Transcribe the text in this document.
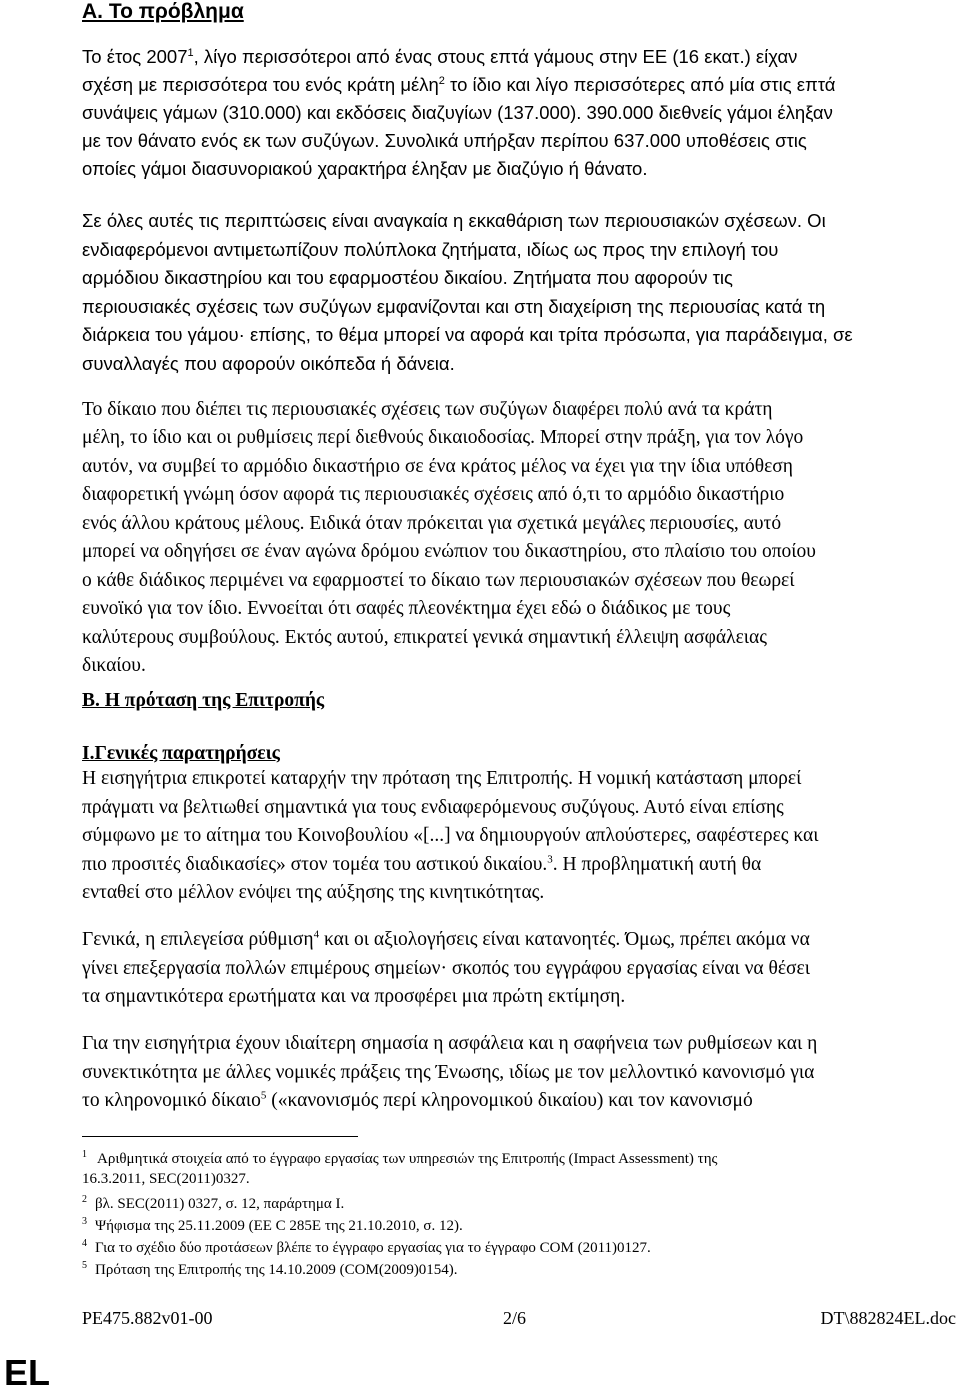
Α. Το πρόβλημα
Το έτος 2007$^1$, λίγο περισσότεροι από ένας στους επτά γάμους στην ΕΕ (16 εκατ.) είχαν
σχέση με περισσότερα του ενός κράτη μέλη$^2$ το ίδιο και λίγο περισσότερες από μία στις επτά
συνάψεις γάμων (310.000) και εκδόσεις διαζυγίων (137.000). 390.000 διεθνείς γάμοι έληξαν
με τον θάνατο ενός εκ των συζύγων. Συνολικά υπήρξαν περίπου 637.000 υποθέσεις στις
οποίες γάμοι διασυνοριακού χαρακτήρα έληξαν με διαζύγιο ή θάνατο.
Σε όλες αυτές τις περιπτώσεις είναι αναγκαία η εκκαθάριση των περιουσιακών σχέσεων. Οι
ενδιαφερόμενοι αντιμετωπίζουν πολύπλοκα ζητήματα, ιδίως ως προς την επιλογή του
αρμόδιου δικαστηρίου και του εφαρμοστέου δικαίου. Ζητήματα που αφορούν τις
περιουσιακές σχέσεις των συζύγων εμφανίζονται και στη διαχείριση της περιουσίας κατά τη
διάρκεια του γάμου· επίσης, το θέμα μπορεί να αφορά και τρίτα πρόσωπα, για παράδειγμα, σε
συναλλαγές που αφορούν οικόπεδα ή δάνεια.
Το δίκαιο που διέπει τις περιουσιακές σχέσεις των συζύγων διαφέρει πολύ ανά τα κράτη
μέλη, το ίδιο και οι ρυθμίσεις περί διεθνούς δικαιοδοσίας. Μπορεί στην πράξη, για τον λόγο
αυτόν, να συμβεί το αρμόδιο δικαστήριο σε ένα κράτος μέλος να έχει για την ίδια υπόθεση
διαφορετική γνώμη όσον αφορά τις περιουσιακές σχέσεις από ό,τι το αρμόδιο δικαστήριο
ενός άλλου κράτους μέλους. Ειδικά όταν πρόκειται για σχετικά μεγάλες περιουσίες, αυτό
μπορεί να οδηγήσει σε έναν αγώνα δρόμου ενώπιον του δικαστηρίου, στο πλαίσιο του οποίου
ο κάθε διάδικος περιμένει να εφαρμοστεί το δίκαιο των περιουσιακών σχέσεων που θεωρεί
ευνοϊκό για τον ίδιο. Εννοείται ότι σαφές πλεονέκτημα έχει εδώ ο διάδικος με τους
καλύτερους συμβούλους. Εκτός αυτού, επικρατεί γενικά σημαντική έλλειψη ασφάλειας
δικαίου.
Β. Η πρόταση της Επιτροπής
I.Γενικές παρατηρήσεις
Η εισηγήτρια επικροτεί καταρχήν την πρόταση της Επιτροπής. Η νομική κατάσταση μπορεί
πράγματι να βελτιωθεί σημαντικά για τους ενδιαφερόμενους συζύγους. Αυτό είναι επίσης
σύμφωνο με το αίτημα του Κοινοβουλίου «[...] να δημιουργούν απλούστερες, σαφέστερες και
πιο προσιτές διαδικασίες» στον τομέα του αστικού δικαίου.$^3$. Η προβληματική αυτή θα
ενταθεί στο μέλλον ενόψει της αύξησης της κινητικότητας.
Γενικά, η επιλεγείσα ρύθμιση$^4$ και οι αξιολογήσεις είναι κατανοητές. Όμως, πρέπει ακόμα να
γίνει επεξεργασία πολλών επιμέρους σημείων· σκοπός του εγγράφου εργασίας είναι να θέσει
τα σημαντικότερα ερωτήματα και να προσφέρει μια πρώτη εκτίμηση.
Για την εισηγήτρια έχουν ιδιαίτερη σημασία η ασφάλεια και η σαφήνεια των ρυθμίσεων και η
συνεκτικότητα με άλλες νομικές πράξεις της Ένωσης, ιδίως με τον μελλοντικό κανονισμό για
το κληρονομικό δίκαιο$^5$ («κανονισμός περί κληρονομικού δικαίου) και τον κανονισμό
$^1$ Αριθμητικά στοιχεία από το έγγραφο εργασίας των υπηρεσιών της Επιτροπής (Impact Assessment) της
16.3.2011, SEC(2011)0327.
$^2$ βλ. SEC(2011) 0327, σ. 12, παράρτημα I.
$^3$ Ψήφισμα της 25.11.2009 (ΕΕ C 285E της 21.10.2010, σ. 12).
$^4$ Για το σχέδιο δύο προτάσεων βλέπε το έγγραφο εργασίας για το έγγραφο COM (2011)0127.
$^5$ Πρόταση της Επιτροπής της 14.10.2009 (COM(2009)0154).
PE475.882v01-00	2/6	DT\882824EL.doc
EL
